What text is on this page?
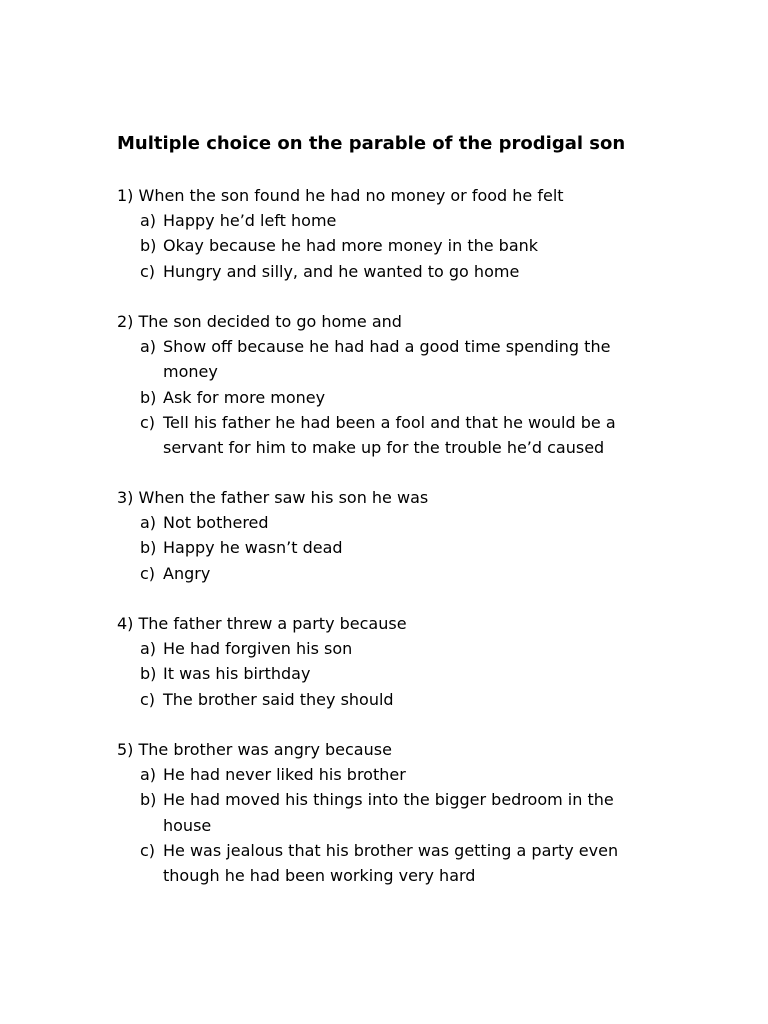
Multiple choice on the parable of the prodigal son
1) When the son found he had no money or food he felt
a) Happy he’d left home
b) Okay because he had more money in the bank
c) Hungry and silly, and he wanted to go home
2) The son decided to go home and
a) Show off because he had had a good time spending the money
b) Ask for more money
c) Tell his father he had been a fool and that he would be a servant for him to make up for the trouble he’d caused
3) When the father saw his son he was
a) Not bothered
b) Happy he wasn’t dead
c) Angry
4) The father threw a party because
a) He had forgiven his son
b) It was his birthday
c) The brother said they should
5) The brother was angry because
a) He had never liked his brother
b) He had moved his things into the bigger bedroom in the house
c) He was jealous that his brother was getting a party even though he had been working very hard
